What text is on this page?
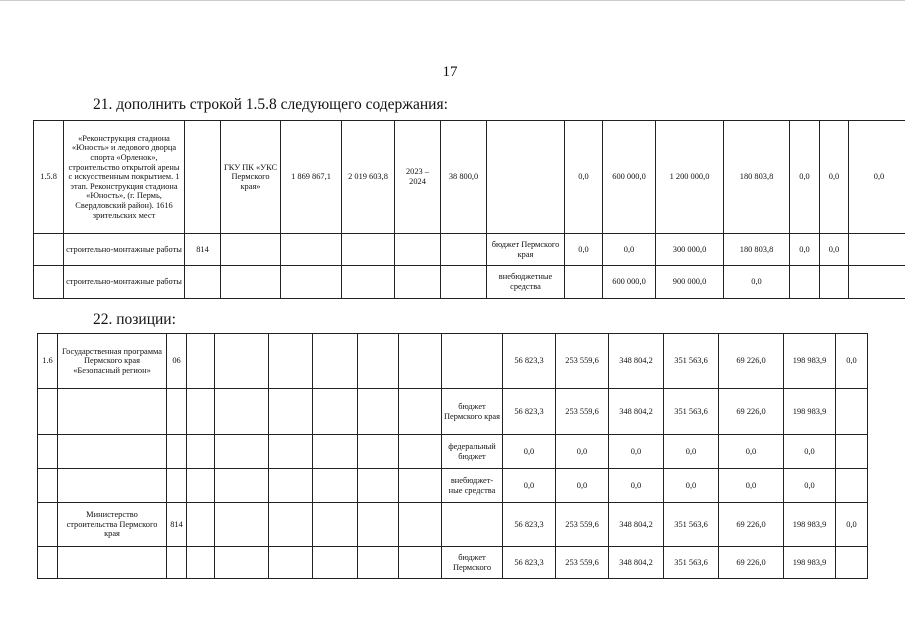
17
21. дополнить строкой 1.5.8 следующего содержания:
1.5.8	«Реконструкция стадиона «Юность» и ледового дворца спорта «Орленок», строительство открытой арены с искусственным покрытием. 1 этап. Реконструкция стадиона «Юность», (г. Пермь, Свердловский район). 1616 зрительских мест		ГКУ ПК «УКС Пермского края»	1 869 867,1	2 019 603,8	2023 – 2024	38 800,0		0,0	600 000,0	1 200 000,0	180 803,8	0,0	0,0	0,0
	строительно-монтажные работы	814						бюджет Пермского края	0,0	0,0	300 000,0	180 803,8	0,0	0,0	
	строительно-монтажные работы							внебюджетные средства		600 000,0	900 000,0	0,0			
22. позиции:
1.6	Государственная программа Пермского края «Безопасный регион»	06								56 823,3	253 559,6	348 804,2	351 563,6	69 226,0	198 983,9	0,0
									бюджет Пермского края	56 823,3	253 559,6	348 804,2	351 563,6	69 226,0	198 983,9	
									федеральный бюджет	0,0	0,0	0,0	0,0	0,0	0,0	
									внебюджет-ные средства	0,0	0,0	0,0	0,0	0,0	0,0	
	Министерство строительства Пермского края	814								56 823,3	253 559,6	348 804,2	351 563,6	69 226,0	198 983,9	0,0
									бюджет Пермского	56 823,3	253 559,6	348 804,2	351 563,6	69 226,0	198 983,9	
